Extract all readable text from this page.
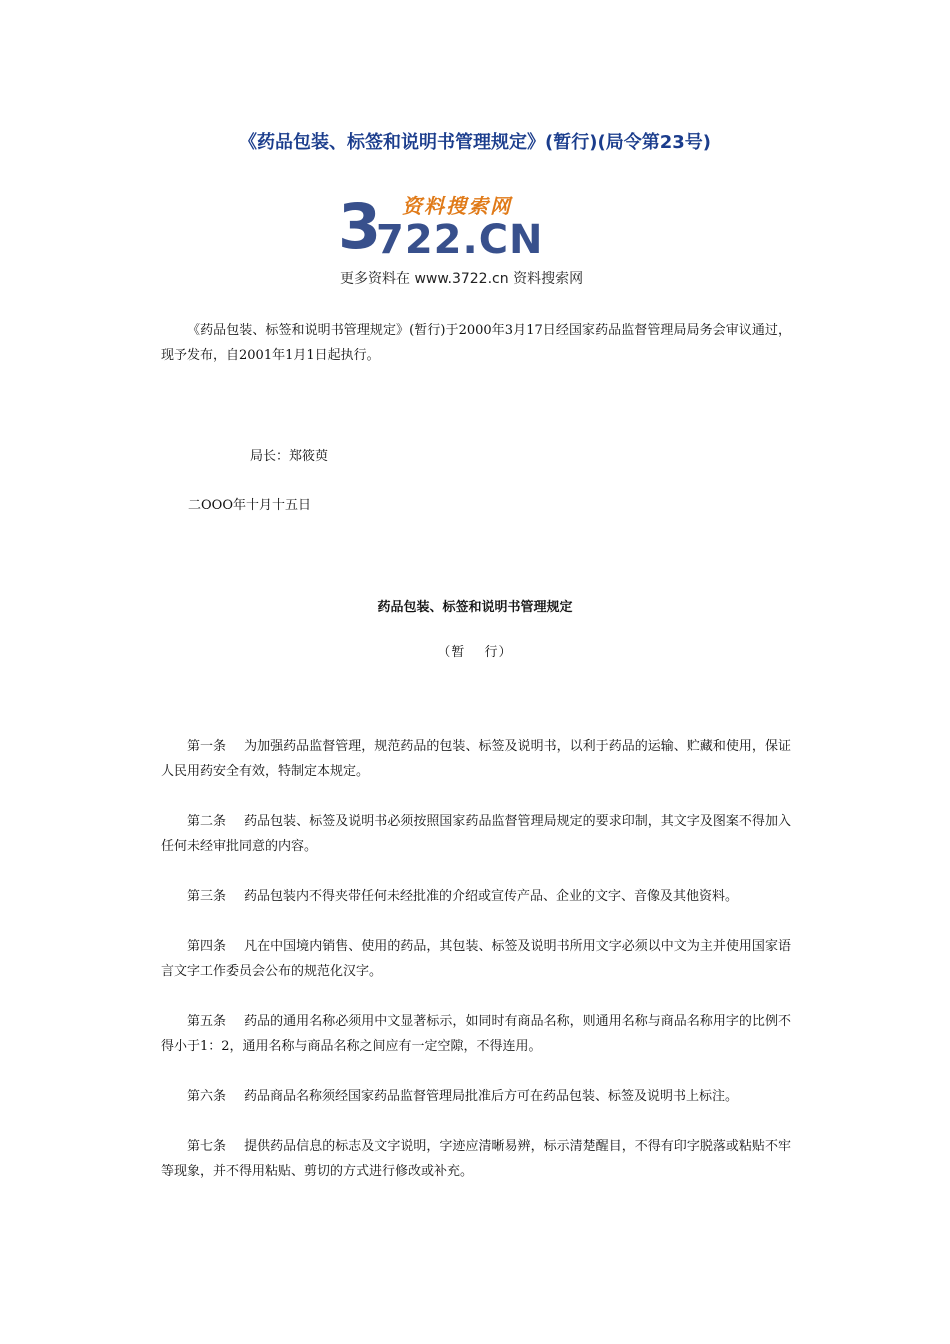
《药品包装、标签和说明书管理规定》(暂行)(局令第23号)
3 资料搜索网
722.CN
更多资料在 www.3722.cn 资料搜索网

《药品包装、标签和说明书管理规定》(暂行)于2000年3月17日经国家药品监督管理局局务会审议通过，现予发布，自2001年1月1日起执行。

局长：郑筱萸

二OOO年十月十五日

药品包装、标签和说明书管理规定

（暂　 行）

第一条 为加强药品监督管理，规范药品的包装、标签及说明书，以利于药品的运输、贮藏和使用，保证人民用药安全有效，特制定本规定。

第二条 药品包装、标签及说明书必须按照国家药品监督管理局规定的要求印制，其文字及图案不得加入任何未经审批同意的内容。

第三条 药品包装内不得夹带任何未经批准的介绍或宣传产品、企业的文字、音像及其他资料。

第四条 凡在中国境内销售、使用的药品，其包装、标签及说明书所用文字必须以中文为主并使用国家语言文字工作委员会公布的规范化汉字。

第五条 药品的通用名称必须用中文显著标示，如同时有商品名称，则通用名称与商品名称用字的比例不得小于1：2，通用名称与商品名称之间应有一定空隙，不得连用。

第六条 药品商品名称须经国家药品监督管理局批准后方可在药品包装、标签及说明书上标注。

第七条 提供药品信息的标志及文字说明，字迹应清晰易辨，标示清楚醒目，不得有印字脱落或粘贴不牢等现象，并不得用粘贴、剪切的方式进行修改或补充。
